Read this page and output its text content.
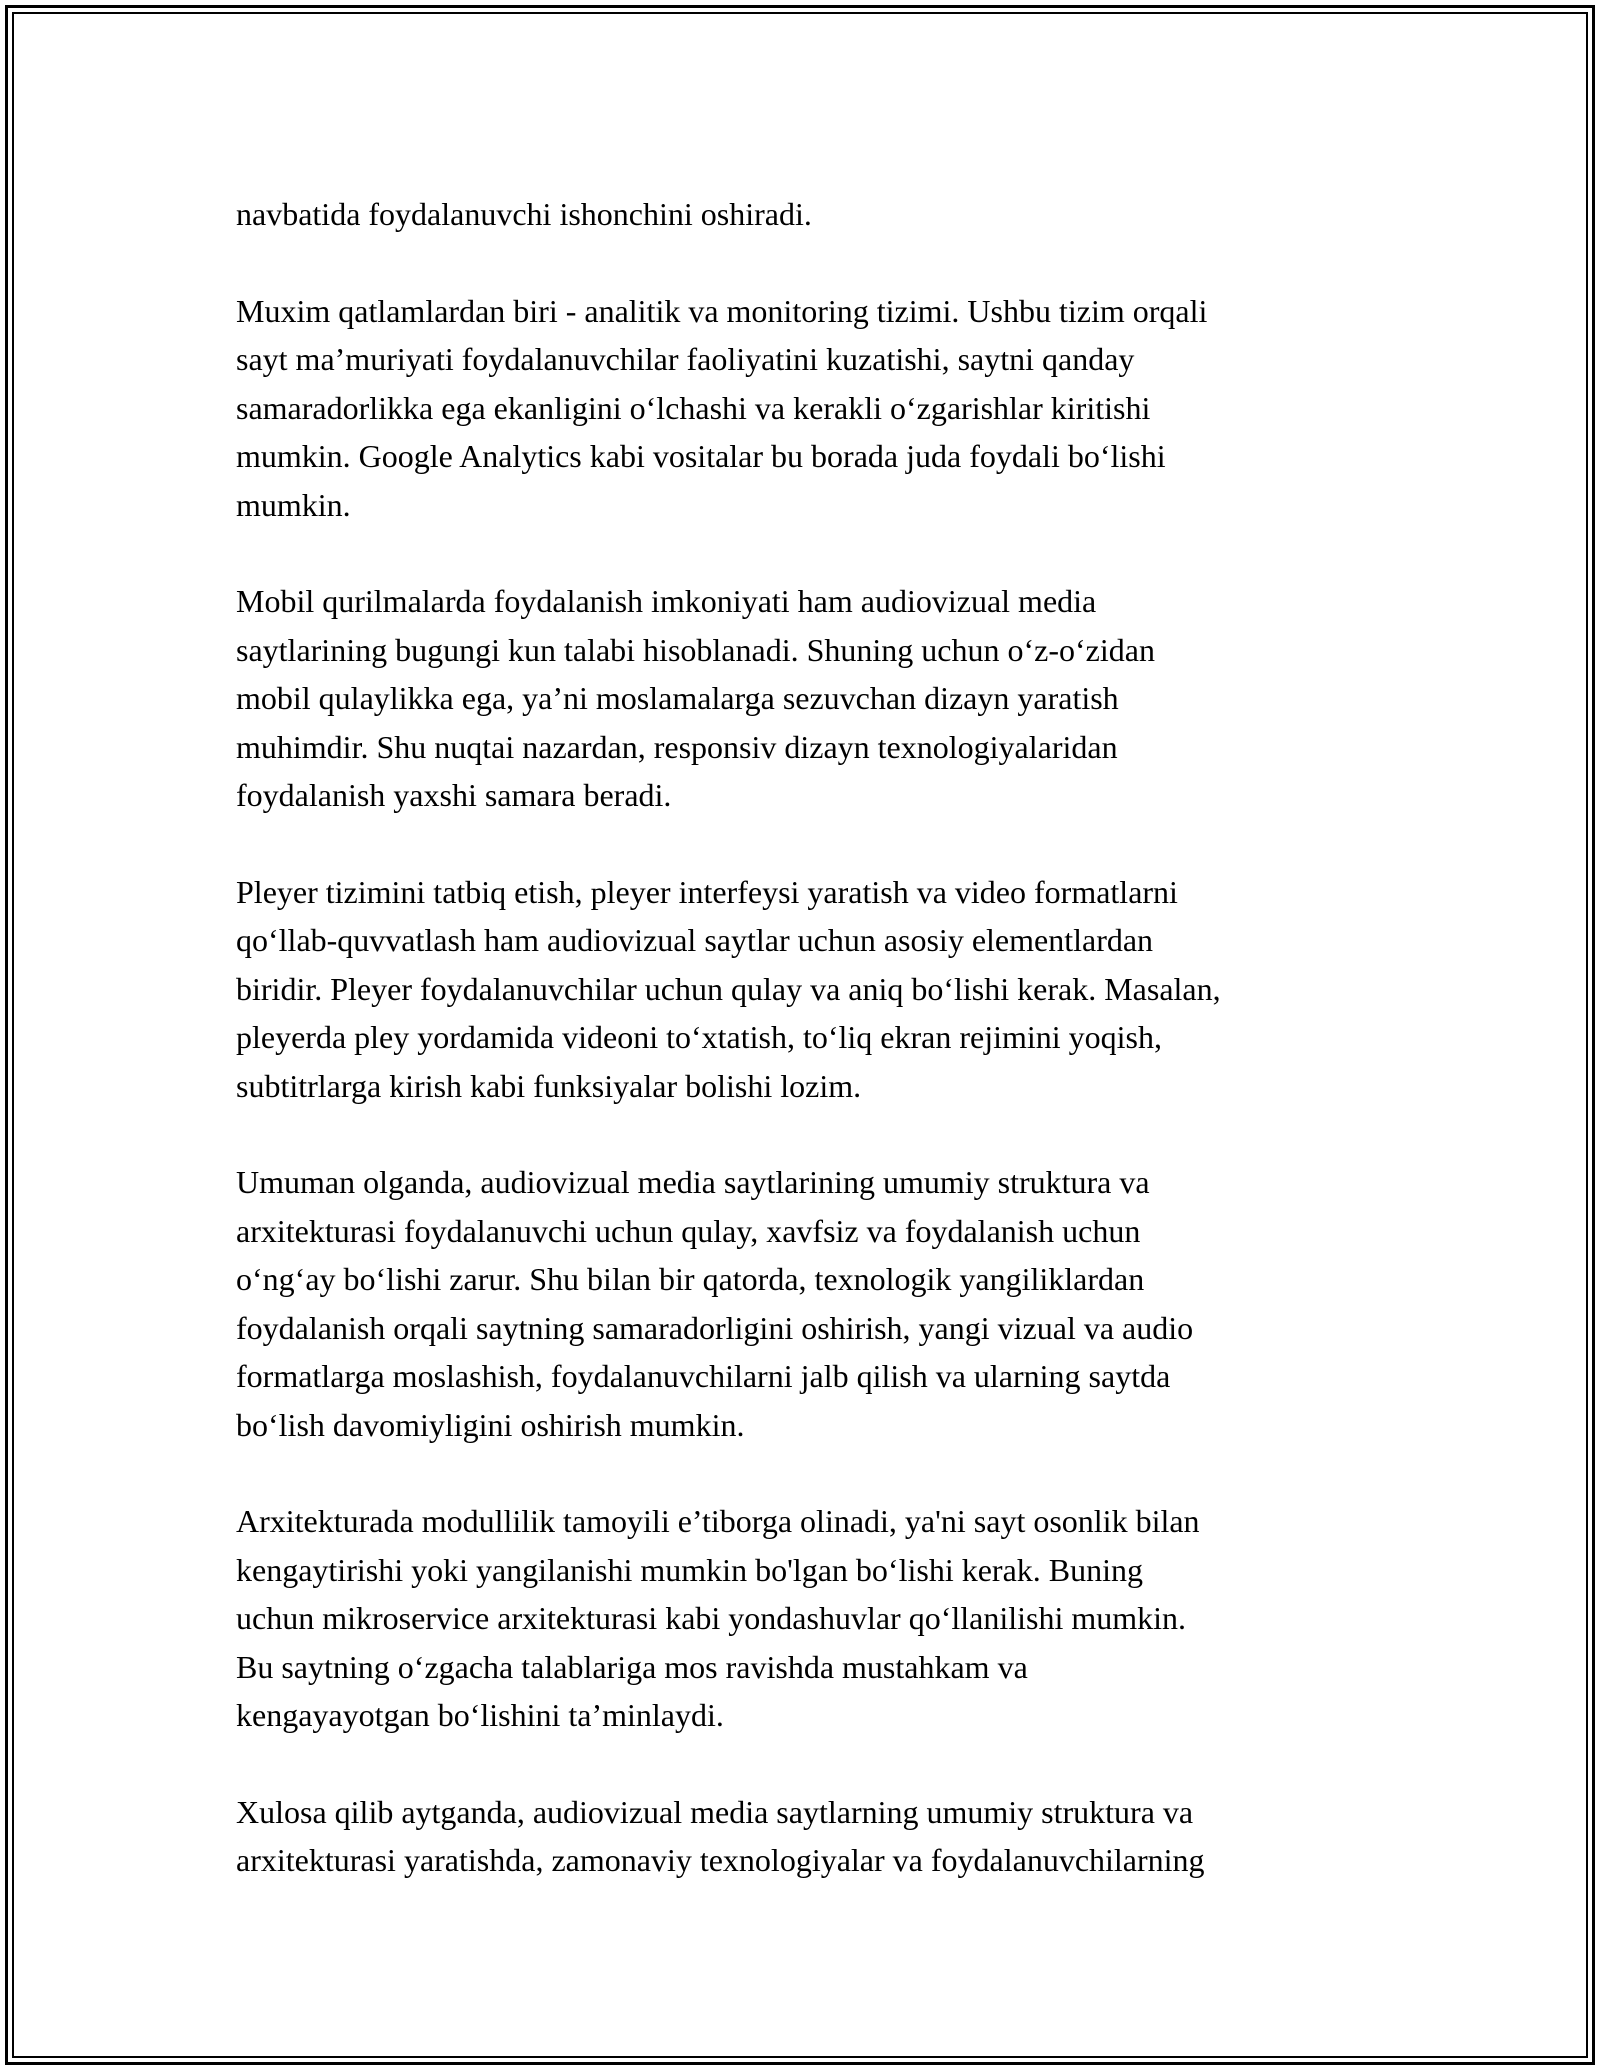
navbatida foydalanuvchi ishonchini oshiradi.

Muxim qatlamlardan biri - analitik va monitoring tizimi. Ushbu tizim orqali
sayt ma’muriyati foydalanuvchilar faoliyatini kuzatishi, saytni qanday
samaradorlikka ega ekanligini o‘lchashi va kerakli o‘zgarishlar kiritishi
mumkin. Google Analytics kabi vositalar bu borada juda foydali bo‘lishi
mumkin.

Mobil qurilmalarda foydalanish imkoniyati ham audiovizual media
saytlarining bugungi kun talabi hisoblanadi. Shuning uchun o‘z-o‘zidan
mobil qulaylikka ega, ya’ni moslamalarga sezuvchan dizayn yaratish
muhimdir. Shu nuqtai nazardan, responsiv dizayn texnologiyalaridan
foydalanish yaxshi samara beradi.

Pleyer tizimini tatbiq etish, pleyer interfeysi yaratish va video formatlarni
qo‘llab-quvvatlash ham audiovizual saytlar uchun asosiy elementlardan
biridir. Pleyer foydalanuvchilar uchun qulay va aniq bo‘lishi kerak. Masalan,
pleyerda pley yordamida videoni to‘xtatish, to‘liq ekran rejimini yoqish,
subtitrlarga kirish kabi funksiyalar bolishi lozim.

Umuman olganda, audiovizual media saytlarining umumiy struktura va
arxitekturasi foydalanuvchi uchun qulay, xavfsiz va foydalanish uchun
o‘ng‘ay bo‘lishi zarur. Shu bilan bir qatorda, texnologik yangiliklardan
foydalanish orqali saytning samaradorligini oshirish, yangi vizual va audio
formatlarga moslashish, foydalanuvchilarni jalb qilish va ularning saytda
bo‘lish davomiyligini oshirish mumkin.

Arxitekturada modullilik tamoyili e’tiborga olinadi, ya'ni sayt osonlik bilan
kengaytirishi yoki yangilanishi mumkin bo'lgan bo‘lishi kerak. Buning
uchun mikroservice arxitekturasi kabi yondashuvlar qo‘llanilishi mumkin.
Bu saytning o‘zgacha talablariga mos ravishda mustahkam va
kengayayotgan bo‘lishini ta’minlaydi.

Xulosa qilib aytganda, audiovizual media saytlarning umumiy struktura va
arxitekturasi yaratishda, zamonaviy texnologiyalar va foydalanuvchilarning
